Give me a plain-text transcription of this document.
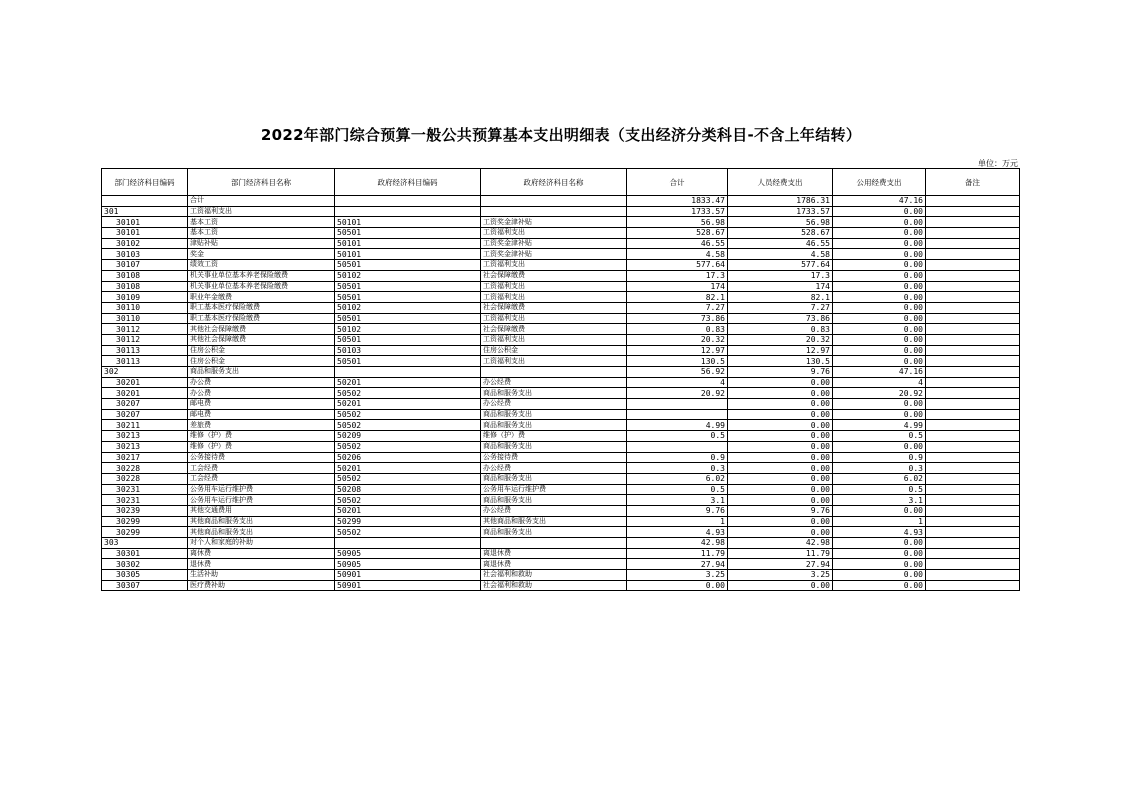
2022年部门综合预算一般公共预算基本支出明细表（支出经济分类科目-不含上年结转）
单位：万元
部门经济科目编码	部门经济科目名称	政府经济科目编码	政府经济科目名称	合计	人员经费支出	公用经费支出	备注
	合计			1833.47	1786.31	47.16	
301	工资福利支出			1733.57	1733.57	0.00	
30101	基本工资	50101	工资奖金津补贴	56.98	56.98	0.00	
30101	基本工资	50501	工资福利支出	528.67	528.67	0.00	
30102	津贴补贴	50101	工资奖金津补贴	46.55	46.55	0.00	
30103	奖金	50101	工资奖金津补贴	4.58	4.58	0.00	
30107	绩效工资	50501	工资福利支出	577.64	577.64	0.00	
30108	机关事业单位基本养老保险缴费	50102	社会保障缴费	17.3	17.3	0.00	
30108	机关事业单位基本养老保险缴费	50501	工资福利支出	174	174	0.00	
30109	职业年金缴费	50501	工资福利支出	82.1	82.1	0.00	
30110	职工基本医疗保险缴费	50102	社会保障缴费	7.27	7.27	0.00	
30110	职工基本医疗保险缴费	50501	工资福利支出	73.86	73.86	0.00	
30112	其他社会保障缴费	50102	社会保障缴费	0.83	0.83	0.00	
30112	其他社会保障缴费	50501	工资福利支出	20.32	20.32	0.00	
30113	住房公积金	50103	住房公积金	12.97	12.97	0.00	
30113	住房公积金	50501	工资福利支出	130.5	130.5	0.00	
302	商品和服务支出			56.92	9.76	47.16	
30201	办公费	50201	办公经费	4	0.00	4	
30201	办公费	50502	商品和服务支出	20.92	0.00	20.92	
30207	邮电费	50201	办公经费		0.00	0.00	
30207	邮电费	50502	商品和服务支出		0.00	0.00	
30211	差旅费	50502	商品和服务支出	4.99	0.00	4.99	
30213	维修（护）费	50209	维修（护）费	0.5	0.00	0.5	
30213	维修（护）费	50502	商品和服务支出		0.00	0.00	
30217	公务接待费	50206	公务接待费	0.9	0.00	0.9	
30228	工会经费	50201	办公经费	0.3	0.00	0.3	
30228	工会经费	50502	商品和服务支出	6.02	0.00	6.02	
30231	公务用车运行维护费	50208	公务用车运行维护费	0.5	0.00	0.5	
30231	公务用车运行维护费	50502	商品和服务支出	3.1	0.00	3.1	
30239	其他交通费用	50201	办公经费	9.76	9.76	0.00	
30299	其他商品和服务支出	50299	其他商品和服务支出	1	0.00	1	
30299	其他商品和服务支出	50502	商品和服务支出	4.93	0.00	4.93	
303	对个人和家庭的补助			42.98	42.98	0.00	
30301	离休费	50905	离退休费	11.79	11.79	0.00	
30302	退休费	50905	离退休费	27.94	27.94	0.00	
30305	生活补助	50901	社会福利和救助	3.25	3.25	0.00	
30307	医疗费补助	50901	社会福利和救助	0.00	0.00	0.00	
